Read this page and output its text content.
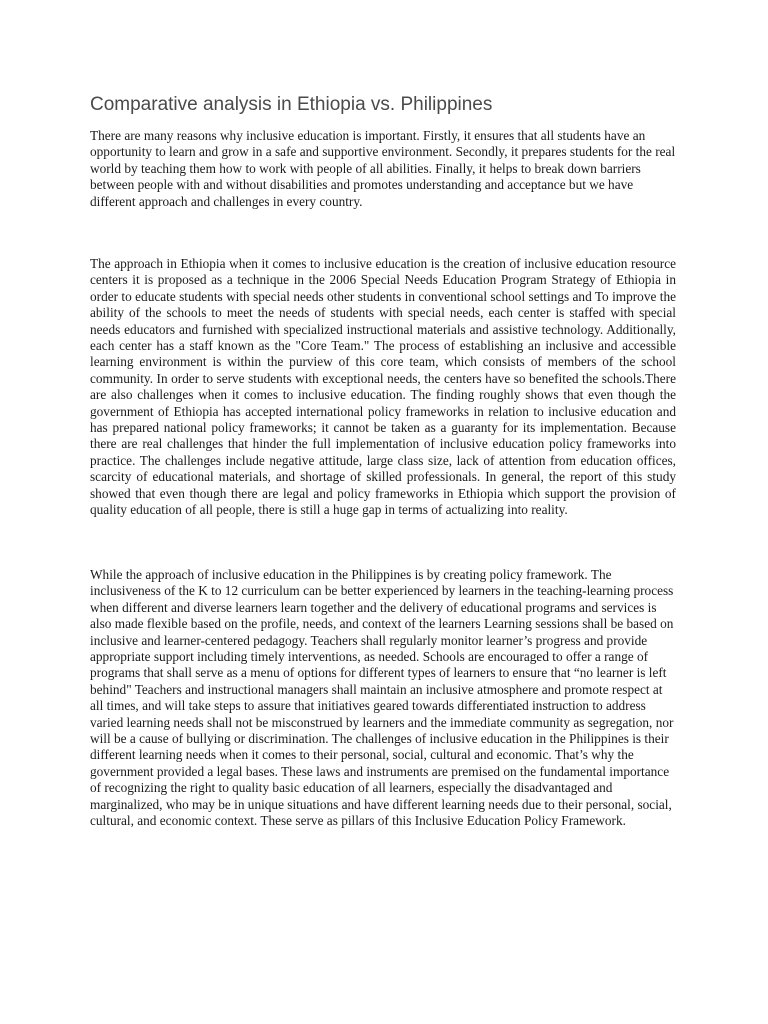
Comparative analysis in Ethiopia vs. Philippines

There are many reasons why inclusive education is important. Firstly, it ensures that all students have an opportunity to learn and grow in a safe and supportive environment. Secondly, it prepares students for the real world by teaching them how to work with people of all abilities. Finally, it helps to break down barriers between people with and without disabilities and promotes understanding and acceptance but we have different approach and challenges in every country.

The approach in Ethiopia when it comes to inclusive education is the creation of inclusive education resource centers it is proposed as a technique in the 2006 Special Needs Education Program Strategy of Ethiopia in order to educate students with special needs other students in conventional school settings and To improve the ability of the schools to meet the needs of students with special needs, each center is staffed with special needs educators and furnished with specialized instructional materials and assistive technology. Additionally, each center has a staff known as the "Core Team." The process of establishing an inclusive and accessible learning environment is within the purview of this core team, which consists of members of the school community. In order to serve students with exceptional needs, the centers have so benefited the schools.There are also challenges when it comes to inclusive education. The finding roughly shows that even though the government of Ethiopia has accepted international policy frameworks in relation to inclusive education and has prepared national policy frameworks; it cannot be taken as a guaranty for its implementation. Because there are real challenges that hinder the full implementation of inclusive education policy frameworks into practice. The challenges include negative attitude, large class size, lack of attention from education offices, scarcity of educational materials, and shortage of skilled professionals. In general, the report of this study showed that even though there are legal and policy frameworks in Ethiopia which support the provision of quality education of all people, there is still a huge gap in terms of actualizing into reality.

While the approach of inclusive education in the Philippines is by creating policy framework. The inclusiveness of the K to 12 curriculum can be better experienced by learners in the teaching-learning process when different and diverse learners learn together and the delivery of educational programs and services is also made flexible based on the profile, needs, and context of the learners Learning sessions shall be based on inclusive and learner-centered pedagogy. Teachers shall regularly monitor learner’s progress and provide appropriate support including timely interventions, as needed. Schools are encouraged to offer a range of programs that shall serve as a menu of options for different types of learners to ensure that “no learner is left behind" Teachers and instructional managers shall maintain an inclusive atmosphere and promote respect at all times, and will take steps to assure that initiatives geared towards differentiated instruction to address varied learning needs shall not be misconstrued by learners and the immediate community as segregation, nor will be a cause of bullying or discrimination. The challenges of inclusive education in the Philippines is their different learning needs when it comes to their personal, social, cultural and economic. That’s why the government provided a legal bases. These laws and instruments are premised on the fundamental importance of recognizing the right to quality basic education of all learners, especially the disadvantaged and marginalized, who may be in unique situations and have different learning needs due to their personal, social, cultural, and economic context. These serve as pillars of this Inclusive Education Policy Framework.
